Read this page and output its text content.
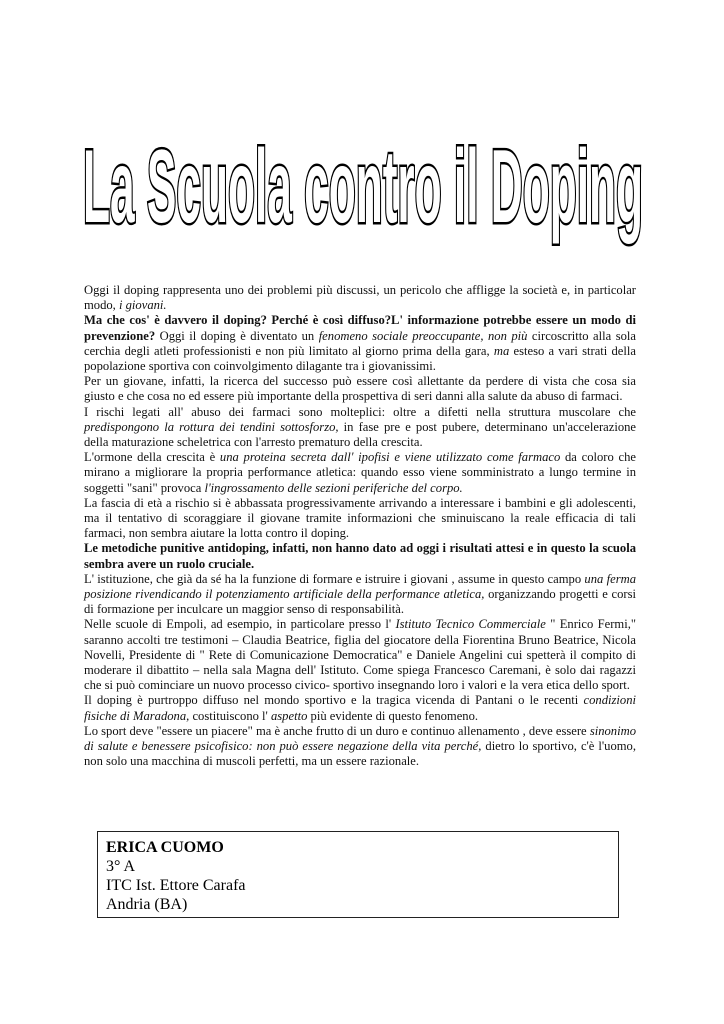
La Scuola contro il Doping

Oggi il doping rappresenta uno dei problemi più discussi, un pericolo che affligge la società e, in particolar modo, i giovani.

Ma che cos' è davvero il doping? Perché è così diffuso?L' informazione potrebbe essere un modo di prevenzione? Oggi il doping è diventato un fenomeno sociale preoccupante, non più circoscritto alla sola cerchia degli atleti professionisti e non più limitato al giorno prima della gara, ma esteso a vari strati della popolazione sportiva con coinvolgimento dilagante tra i giovanissimi.

Per un giovane, infatti, la ricerca del successo può essere così allettante da perdere di vista che cosa sia giusto e che cosa no ed essere più importante della prospettiva di seri danni alla salute da abuso di farmaci.

I rischi legati all' abuso dei farmaci sono molteplici: oltre a difetti nella struttura muscolare che predispongono la rottura dei tendini sottosforzo, in fase pre e post pubere, determinano un'accelerazione della maturazione scheletrica con l'arresto prematuro della crescita.

L'ormone della crescita è una proteina secreta dall' ipofisi e viene utilizzato come farmaco da coloro che mirano a migliorare la propria performance atletica: quando esso viene somministrato a lungo termine in soggetti "sani" provoca l'ingrossamento delle sezioni periferiche del corpo.

La fascia di età a rischio si è abbassata progressivamente arrivando a interessare i bambini e gli adolescenti, ma il tentativo di scoraggiare il giovane tramite informazioni che sminuiscano la reale efficacia di tali farmaci, non sembra aiutare la lotta contro il doping.

Le metodiche punitive antidoping, infatti, non hanno dato ad oggi i risultati attesi e in questo la scuola sembra avere un ruolo cruciale.

L' istituzione, che già da sé ha la funzione di formare e istruire i giovani , assume in questo campo una ferma posizione rivendicando il potenziamento artificiale della performance atletica, organizzando progetti e corsi di formazione per inculcare un maggior senso di responsabilità.

Nelle scuole di Empoli, ad esempio, in particolare presso l' Istituto Tecnico Commerciale " Enrico Fermi," saranno accolti tre testimoni – Claudia Beatrice, figlia del giocatore della Fiorentina Bruno Beatrice, Nicola Novelli, Presidente di " Rete di Comunicazione Democratica" e Daniele Angelini cui spetterà il compito di moderare il dibattito – nella sala Magna dell' Istituto. Come spiega Francesco Caremani, è solo dai ragazzi che si può cominciare un nuovo processo civico- sportivo insegnando loro i valori e la vera etica dello sport.

Il doping è purtroppo diffuso nel mondo sportivo e la tragica vicenda di Pantani o le recenti condizioni fisiche di Maradona, costituiscono l' aspetto più evidente di questo fenomeno.

Lo sport deve "essere un piacere" ma è anche frutto di un duro e continuo allenamento , deve essere sinonimo di salute e benessere psicofisico: non può essere negazione della vita perché, dietro lo sportivo, c'è l'uomo, non solo una macchina di muscoli perfetti, ma un essere razionale.

ERICA CUOMO
3° A
ITC Ist. Ettore Carafa
Andria (BA)
